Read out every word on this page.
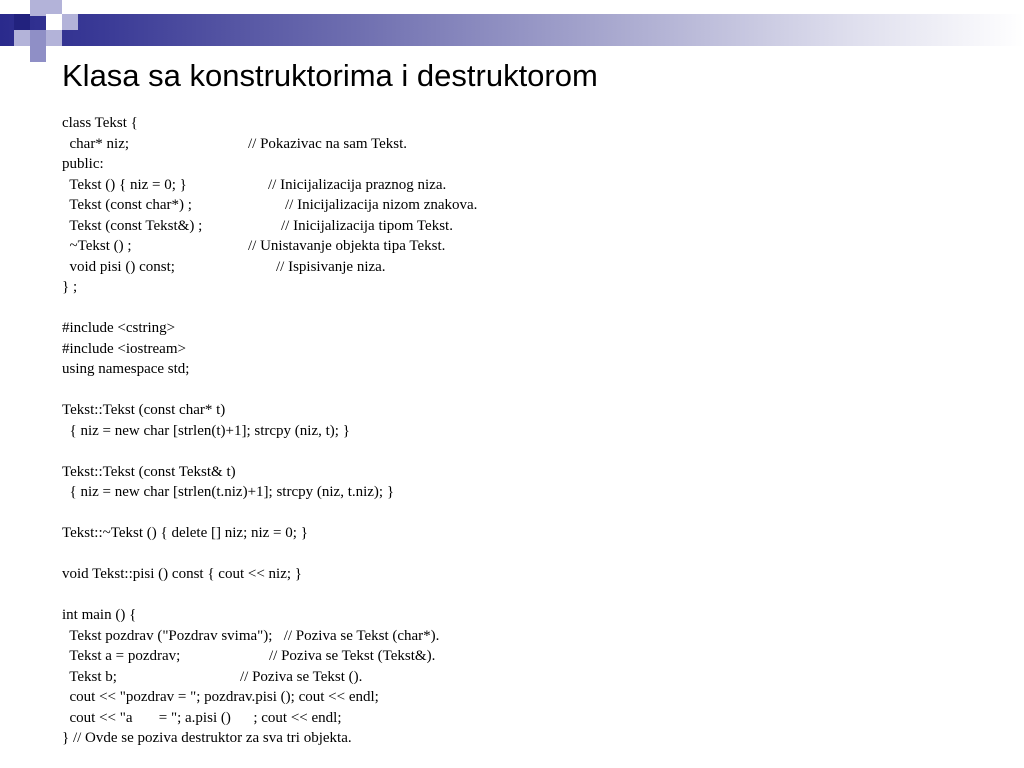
Klasa sa konstruktorima i destruktorom
class Tekst {
char* niz;	// Pokazivac na sam Tekst.
public:
Tekst () { niz = 0; }	// Inicijalizacija praznog niza.
Tekst (const char*) ;	// Inicijalizacija nizom znakova.
Tekst (const Tekst&) ;	// Inicijalizacija tipom Tekst.
~Tekst () ;	// Unistavanje objekta tipa Tekst.
void pisi () const;	// Ispisivanje niza.
} ;
#include <cstring>
#include <iostream>
using namespace std;
Tekst::Tekst (const char* t)
{ niz = new char [strlen(t)+1]; strcpy (niz, t); }
Tekst::Tekst (const Tekst& t)
{ niz = new char [strlen(t.niz)+1]; strcpy (niz, t.niz); }
Tekst::~Tekst () { delete [] niz; niz = 0; }
void Tekst::pisi () const { cout << niz; }
int main () {
Tekst pozdrav ("Pozdrav svima");   // Poziva se Tekst (char*).
Tekst a = pozdrav;	// Poziva se Tekst (Tekst&).
Tekst b;	// Poziva se Tekst ().
cout << "pozdrav = "; pozdrav.pisi (); cout << endl;
cout << "a       = "; a.pisi ()      ; cout << endl;
} // Ovde se poziva destruktor za sva tri objekta.
